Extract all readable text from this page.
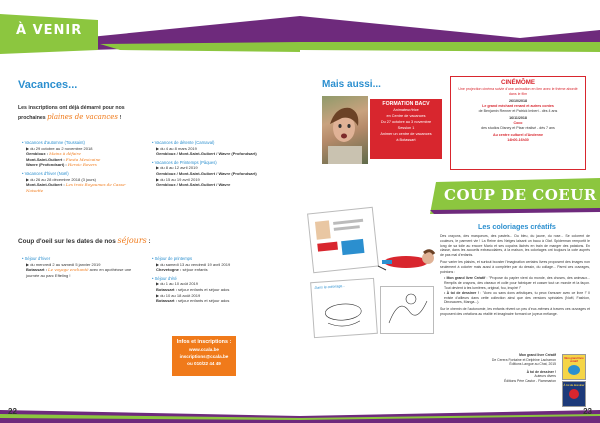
À VENIR
Vacances...
Les inscriptions ont déjà démarré pour nos
prochaines plaines de vacances !
• Vacances d'automne (Toussaint)
▶ du 29 octobre au 2 novembre 2018
Gembloux : Mains à défaire
Mont-Saint-Guibert : Fiesta Mexicaine
Wavre (Profondsart) : Heroic Rovers
• Vacances d'hiver (Noël)
▶ du 26 au 28 décembre 2018 (3 jours)
Mont-Saint-Guibert : Les trois Royaumes de Casse-Noisette
• Vacances de détente (Carnaval)
▶ du 4 au 8 mars 2019
Gembloux / Mont-Saint-Guibert / Wavre (Profondsart)
• Vacances de Printemps (Pâques)
▶ du 8 au 12 avril 2019
Gembloux / Mont-Saint-Guibert / Wavre (Profondsart)
▶ du 15 au 19 avril 2019
Gembloux / Mont-Saint-Guibert / Wavre
Coup d'oeil sur les dates de nos séjours :
• Séjour d'hiver
▶ du mercredi 2 au samedi 5 janvier 2019
Botassart : Le voyage enchanté avec en apothéose une journée au parc Efteling !
• Séjour de printemps
▶ du samedi 13 au vendredi 19 avril 2019
Chevetogne : séjour enfants
• Séjour d'été
▶ du 1 au 10 août 2019
Botassart : séjour enfants et séjour ados
▶ du 10 au 18 août 2019
Botassart : séjour enfants et séjour ados
Infos et inscriptions :
www.ccala.be
inscriptions@ccala.be
ou 010/22 44 49
22
Mais aussi...
FORMATION BACV
Animateur/trice
en Centre de vacances
Du 27 octobre au 3 novembre
Session 1
Animer un centre de vacances
à Botassart
CINÉMÔME
Une projection cinéma suivie d'une animation en lien avec le thème abordé dans le film
26/10/2018
Le grand méchant renard et autres contes
de Benjamin Renner et Patrick Imbert - dès 4 ans
16/11/2018
Coco
des studios Disney et Pixar réalisé - dès 7 ans
Au centre culturel d'Andenne
14h00-16h30
COUP DE COEUR
Dans le coloriage...
Les coloriages créatifs

Des crayons, des marqueurs, des pastels... Du bleu, du jaune, du rose... Se colorent de couleurs, le parment vie ! La Reine des Neiges laisant un baou à Olaf. Spiderman remportit le long de sa toile au encore Mario et ses copains lâchés en train de manger des patatons. En classe, dans les accueils extrascolaires, à la maison, les coloriages ont toujours la cote auprès de pas mal d'enfants.

Pour varier les plaisirs, et surtout booster l'imagination certains livres proposent des images non seulement à colorier mais aussi à compléter par du dessin, du collage... Parmi ces ouvrages, pointons :

• Mon grand livre Créatif : "Propose du papier vient du monde, des choses, des animaux... Remplis de crayons, des ciseaux et colle pour fabriquer et cosser tout un monde et la façon. Tout devient à tes lumières, original, fou, inspiré !"
• À toi de dessiner ! : "Avec ou sans dons artistiques, tu peux t'amuser avec ce livre !" Il existe d'ailleurs dans cette collection ainsi que des versions spéciales (Noël, Fashion, Dinosaures, Manga...).

Sur le chemin de l'autonomie, les enfants rêvent un peu d'eux-mêmes à travers ces ouvrages et proposent des créations au réalité et imaginaire formant ce joyeux mélange.

Mon grand livre Créatif
De Cerera Fontaine et Delphine Lacharron
Éditions Langue au Chat, 2015
À toi de dessiner !
Auteurs divers
Éditions Père Castor - Flammarion
Mon grand livre créatif
À toi de dessiner
23
